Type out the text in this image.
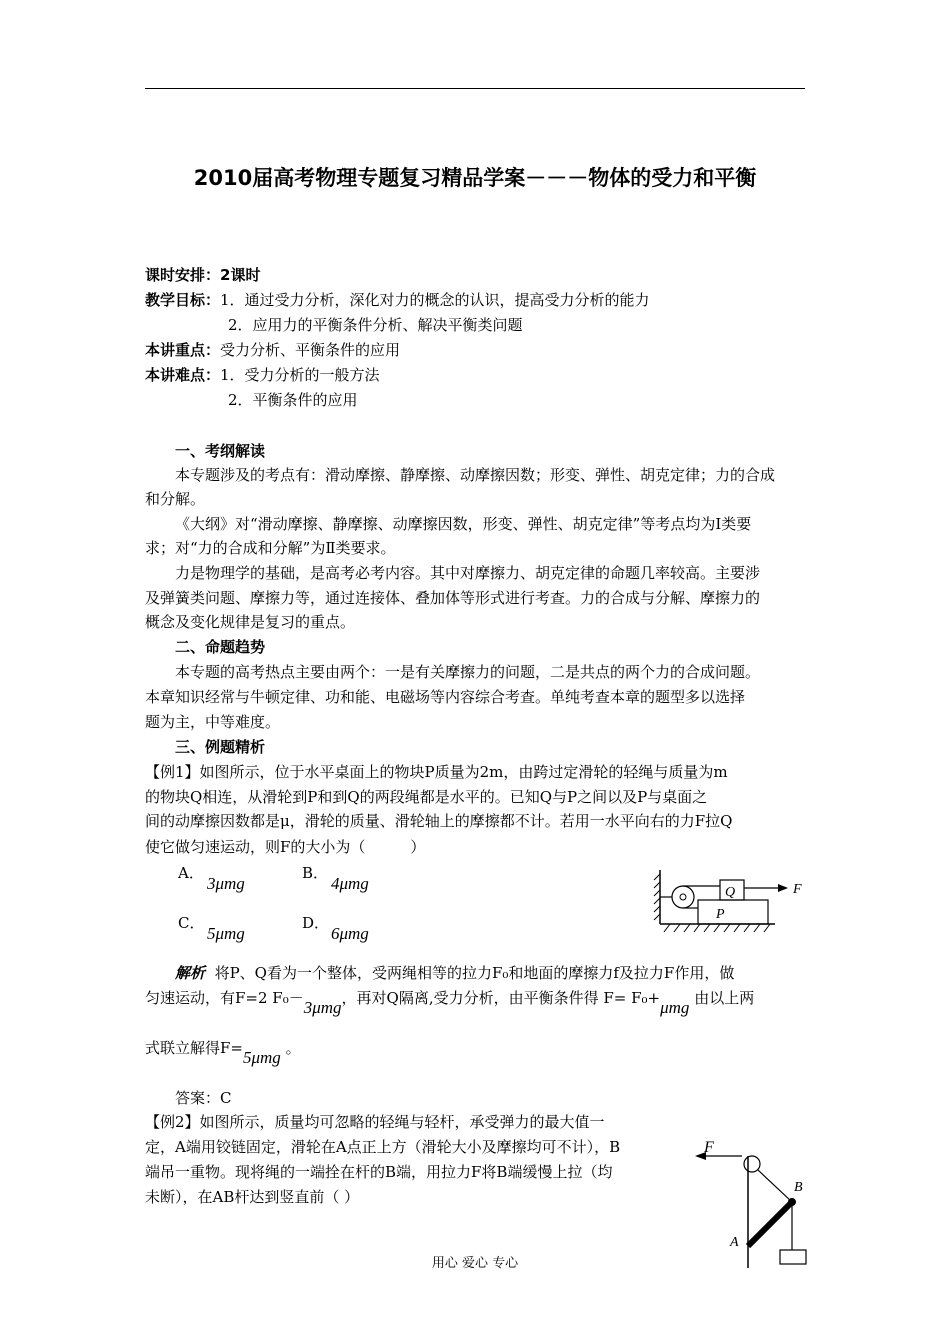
2010届高考物理专题复习精品学案－－－物体的受力和平衡
课时安排：2课时
教学目标：1．通过受力分析，深化对力的概念的认识，提高受力分析的能力
2．应用力的平衡条件分析、解决平衡类问题
本讲重点：受力分析、平衡条件的应用
本讲难点：1．受力分析的一般方法
2．平衡条件的应用
一、考纲解读
本专题涉及的考点有：滑动摩擦、静摩擦、动摩擦因数；形变、弹性、胡克定律；力的合成
和分解。
《大纲》对“滑动摩擦、静摩擦、动摩擦因数，形变、弹性、胡克定律”等考点均为Ⅰ类要
求；对“力的合成和分解”为Ⅱ类要求。
力是物理学的基础，是高考必考内容。其中对摩擦力、胡克定律的命题几率较高。主要涉
及弹簧类问题、摩擦力等，通过连接体、叠加体等形式进行考查。力的合成与分解、摩擦力的
概念及变化规律是复习的重点。
二、命题趋势
本专题的高考热点主要由两个：一是有关摩擦力的问题，二是共点的两个力的合成问题。
本章知识经常与牛顿定律、功和能、电磁场等内容综合考查。单纯考查本章的题型多以选择
题为主，中等难度。
三、例题精析
【例1】如图所示，位于水平桌面上的物块P质量为2m，由跨过定滑轮的轻绳与质量为m
的物块Q相连，从滑轮到P和到Q的两段绳都是水平的。已知Q与P之间以及P与桌面之
间的动摩擦因数都是μ，滑轮的质量、滑轮轴上的摩擦都不计。若用一水平向右的力F拉Q
使它做匀速运动，则F的大小为（　　　）
A．
3μmg
B．
4μmg
C．
5μmg
D．
6μmg
Q
P
F
解析 将P、Q看为一个整体，受两绳相等的拉力F₀和地面的摩擦力f及拉力F作用，做
匀速运动，有F=2 F₀－3μmg，再对Q隔离,受力分析，由平衡条件得 F= F₀+μmg 由以上两
式联立解得F=5μmg 。
答案：C
【例2】如图所示，质量均可忽略的轻绳与轻杆，承受弹力的最大值一
定，A端用铰链固定，滑轮在A点正上方（滑轮大小及摩擦均可不计），B
端吊一重物。现将绳的一端拴在杆的B端，用拉力F将B端缓慢上拉（均
未断），在AB杆达到竖直前（ ）
F
B
A
用心 爱心 专心
